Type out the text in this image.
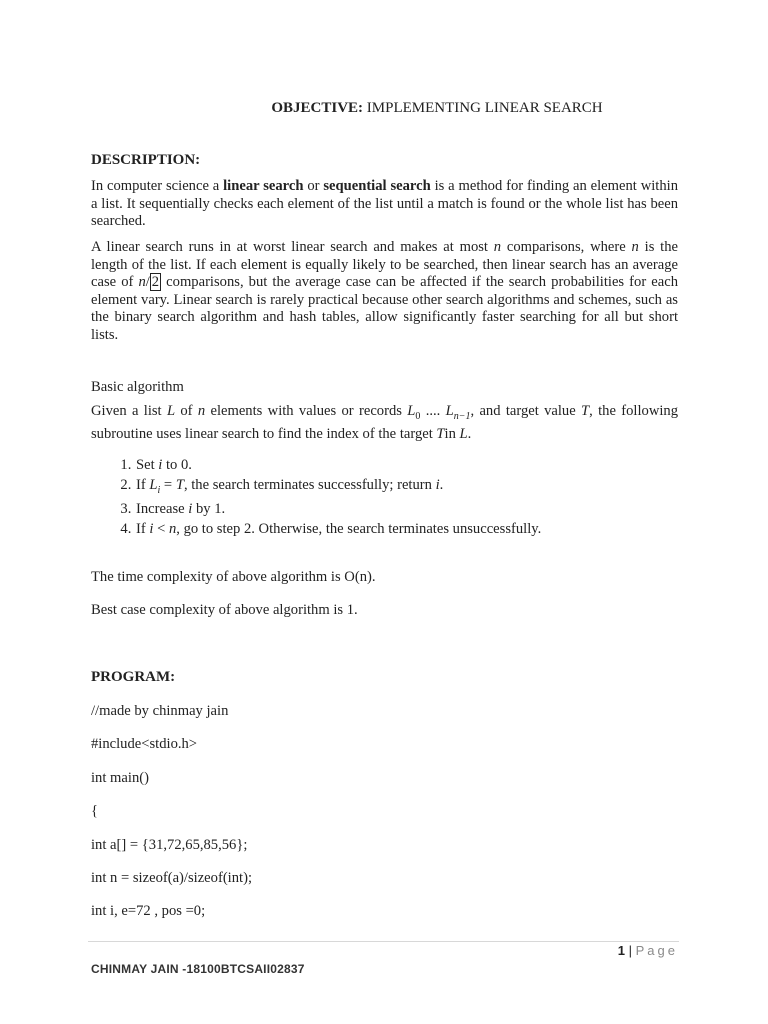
OBJECTIVE: IMPLEMENTING LINEAR SEARCH
DESCRIPTION:
In computer science a linear search or sequential search is a method for finding an element within a list. It sequentially checks each element of the list until a match is found or the whole list has been searched.
A linear search runs in at worst linear search and makes at most n comparisons, where n is the length of the list. If each element is equally likely to be searched, then linear search has an average case of n/ 2 comparisons, but the average case can be affected if the search probabilities for each element vary. Linear search is rarely practical because other search algorithms and schemes, such as the binary search algorithm and hash tables, allow significantly faster searching for all but short lists.
Basic algorithm
Given a list L of n elements with values or records $L_0$ .... $L_{n-1}$, and target value T, the following subroutine uses linear search to find the index of the target Tin L.
1. Set i to 0.
2. If $L_i = T$, the search terminates successfully; return i.
3. Increase i by 1.
4. If i < n, go to step 2. Otherwise, the search terminates unsuccessfully.
The time complexity of above algorithm is O(n).
Best case complexity of above algorithm is 1.
PROGRAM:
//made by chinmay jain
#include<stdio.h>
int main()
{
int a[] = {31,72,65,85,56};
int n = sizeof(a)/sizeof(int);
int i, e=72 , pos =0;
1 | Page
CHINMAY JAIN -18100BTCSAII02837
